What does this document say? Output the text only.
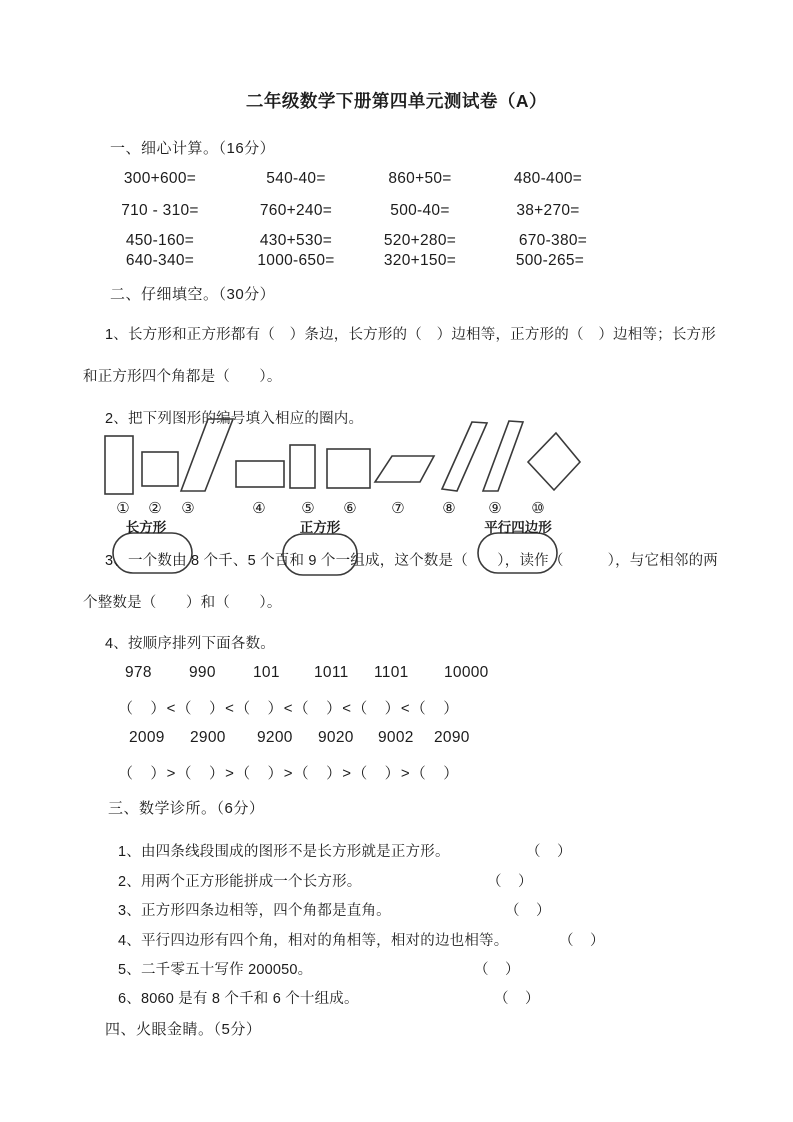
二年级数学下册第四单元测试卷（A）
一、细心计算。（16分）
300+600=	540-40=	860+50=	480-400=
710 - 310=	760+240=	500-40=	38+270=
450-160=	430+530=	520+280=	670-380=
640-340=	1000-650=	320+150=	500-265=
二、仔细填空。（30分）
1、长方形和正方形都有（　）条边，长方形的（　）边相等，正方形的（　）边相等；长方形
和正方形四个角都是（　　）。
2、把下列图形的编号填入相应的圈内。
① ② ③	④ ⑤ ⑥ ⑦	⑧ ⑨ ⑩
长方形	正方形	平行四边形
3、一个数由 8 个千、5 个百和 9 个一组成，这个数是（　　），读作（　　　），与它相邻的两
个整数是（　　）和（　　）。
4、按顺序排列下面各数。
978 990 101 1011 1101 10000
（　）<（　）<（　）<（　）<（　）<（　）
2009 2900 9200 9020 9002 2090
（　）>（　）>（　）>（　）>（　）>（　）
三、数学诊所。（6分）
1、由四条线段围成的图形不是长方形就是正方形。	（　）
2、用两个正方形能拼成一个长方形。	（　）
3、正方形四条边相等，四个角都是直角。	（　）
4、平行四边形有四个角，相对的角相等，相对的边也相等。	（　）
5、二千零五十写作 200050。	（　）
6、8060 是有 8 个千和 6 个十组成。	（　）
四、火眼金睛。（5分）
